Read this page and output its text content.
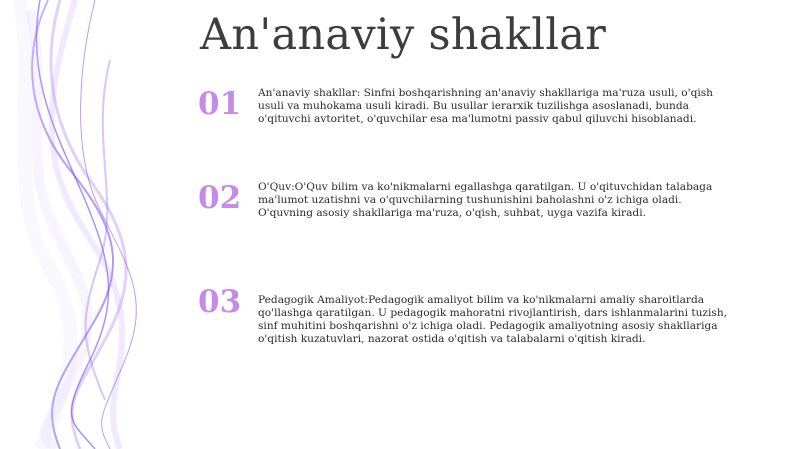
An'anaviy shakllar
01 An'anaviy shakllar: Sinfni boshqarishning an'anaviy shakllariga ma'ruza usuli, o'qish usuli va muhokama usuli kiradi. Bu usullar ierarxik tuzilishga asoslanadi, bunda o'qituvchi avtoritet, o'quvchilar esa ma'lumotni passiv qabul qiluvchi hisoblanadi.

02 O'Quv:O'Quv bilim va ko'nikmalarni egallashga qaratilgan. U o'qituvchidan talabaga ma'lumot uzatishni va o'quvchilarning tushunishini baholashni o'z ichiga oladi. O'quvning asosiy shakllariga ma'ruza, o'qish, suhbat, uyga vazifa kiradi.

03 Pedagogik Amaliyot:Pedagogik amaliyot bilim va ko'nikmalarni amaliy sharoitlarda qo'llashga qaratilgan. U pedagogik mahoratni rivojlantirish, dars ishlanmalarini tuzish, sinf muhitini boshqarishni o'z ichiga oladi. Pedagogik amaliyotning asosiy shakllariga o'qitish kuzatuvlari, nazorat ostida o'qitish va talabalarni o'qitish kiradi.
